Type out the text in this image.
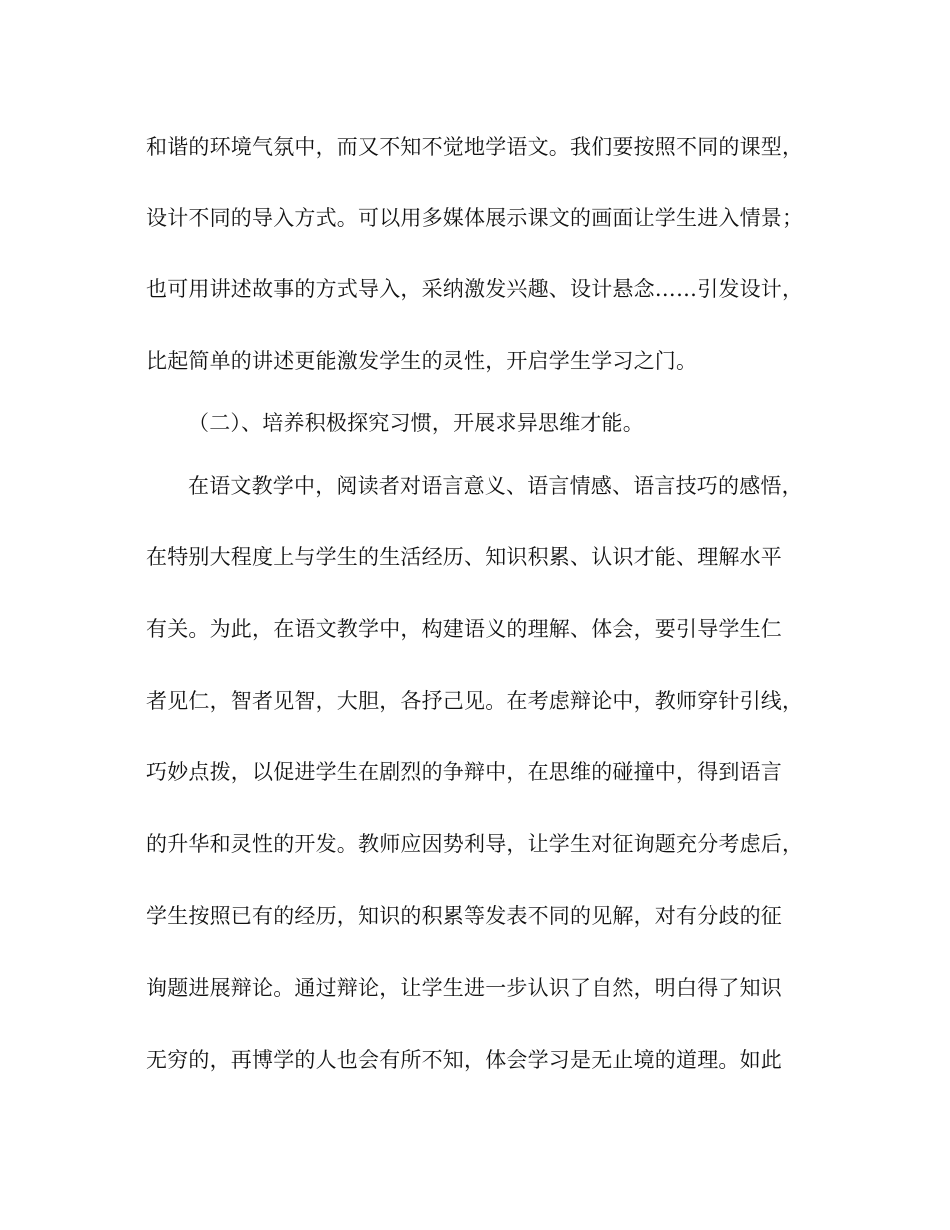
和谐的环境气氛中，而又不知不觉地学语文。我们要按照不同的课型，
设计不同的导入方式。可以用多媒体展示课文的画面让学生进入情景；
也可用讲述故事的方式导入，采纳激发兴趣、设计悬念……引发设计，
比起简单的讲述更能激发学生的灵性，开启学生学习之门。
（二）、培养积极探究习惯，开展求异思维才能。
在语文教学中，阅读者对语言意义、语言情感、语言技巧的感悟，
在特别大程度上与学生的生活经历、知识积累、认识才能、理解水平
有关。为此，在语文教学中，构建语义的理解、体会，要引导学生仁
者见仁，智者见智，大胆，各抒己见。在考虑辩论中，教师穿针引线，
巧妙点拨，以促进学生在剧烈的争辩中，在思维的碰撞中，得到语言
的升华和灵性的开发。教师应因势利导，让学生对征询题充分考虑后，
学生按照已有的经历，知识的积累等发表不同的见解，对有分歧的征
询题进展辩论。通过辩论，让学生进一步认识了自然，明白得了知识
无穷的，再博学的人也会有所不知，体会学习是无止境的道理。如此
